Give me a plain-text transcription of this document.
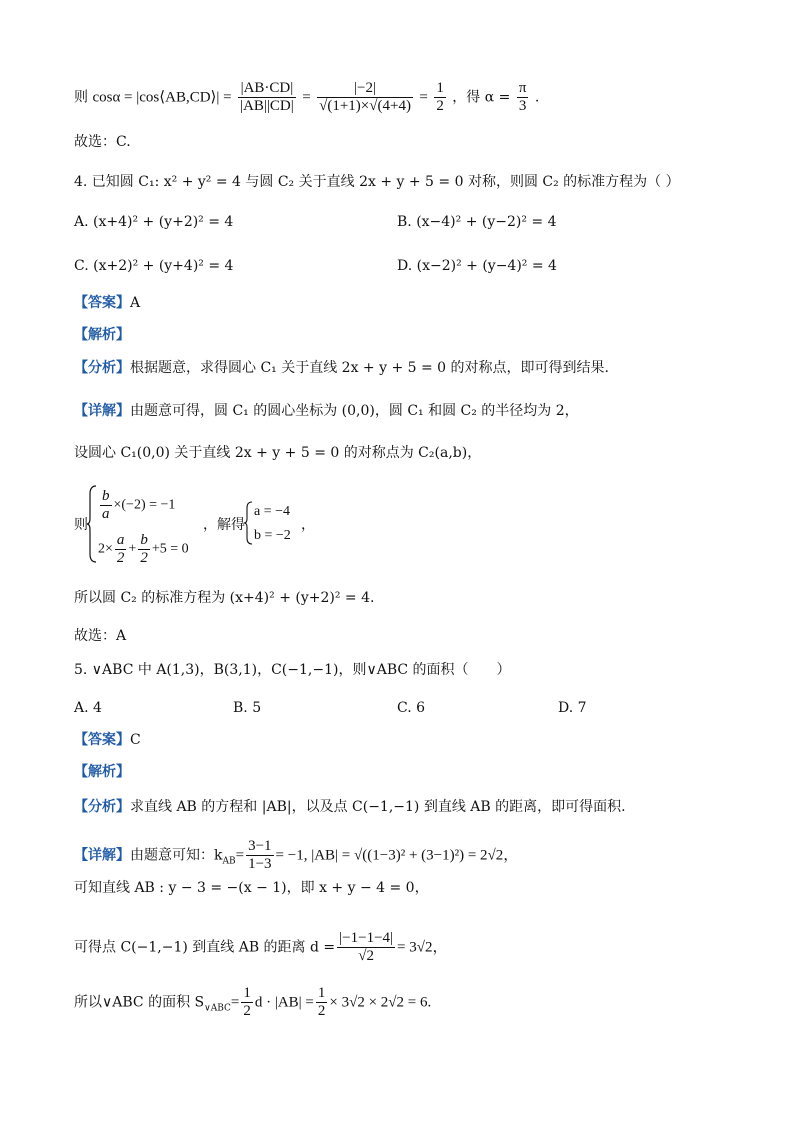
则 cosα = |cos⟨AB,CD⟩| = $\frac{|AB\cdot CD|}{|AB||CD|} = \frac{|-2|}{√(1+1)\times√(4+4)} = \frac{1}{2}$ ，得 $\alpha = \frac{\pi}{3}$ .
故选：C.
4. 已知圆 C₁: x² + y² = 4 与圆 C₂ 关于直线 2x + y + 5 = 0 对称，则圆 C₂ 的标准方程为（ ）
A. (x+4)² + (y+2)² = 4	B. (x−4)² + (y−2)² = 4
C. (x+2)² + (y+4)² = 4	D. (x−2)² + (y−4)² = 4
【答案】A
【解析】
【分析】根据题意，求得圆心 C₁ 关于直线 2x + y + 5 = 0 的对称点，即可得到结果.
【详解】由题意可得，圆 C₁ 的圆心坐标为 (0,0)，圆 C₁ 和圆 C₂ 的半径均为 2，
设圆心 C₁(0,0) 关于直线 2x + y + 5 = 0 的对称点为 C₂(a,b)，
则
$\frac{b}{a} \times(-2) = -1$
$2\times \frac{a}{2} + \frac{b}{2} +5 = 0$
，解得
a = −4
b = −2
，
所以圆 C₂ 的标准方程为 (x+4)² + (y+2)² = 4.
故选：A
5. ∨ABC 中 A(1,3)，B(3,1)，C(−1,−1)，则∨ABC 的面积（　　）
A. 4	B. 5	C. 6	D. 7
【答案】C
【解析】
【分析】求直线 AB 的方程和 |AB|，以及点 C(−1,−1) 到直线 AB 的距离，即可得面积.
【详解】由题意可知：$k_{AB}= \frac{3-1}{1-3} = -1$, |AB| = √((1−3)² + (3−1)²) = 2√2，
可知直线 AB : y − 3 = −(x − 1)，即 x + y − 4 = 0，
可得点 C(−1,−1) 到直线 AB 的距离 $d = \frac{|-1-1-4|}{√2} = 3√2$，
所以∨ABC 的面积 $S_{\vee ABC}= \frac{1}{2}$ $d \cdot |AB| = \frac{1}{2} \times 3√2 \times 2√2 = 6$.
